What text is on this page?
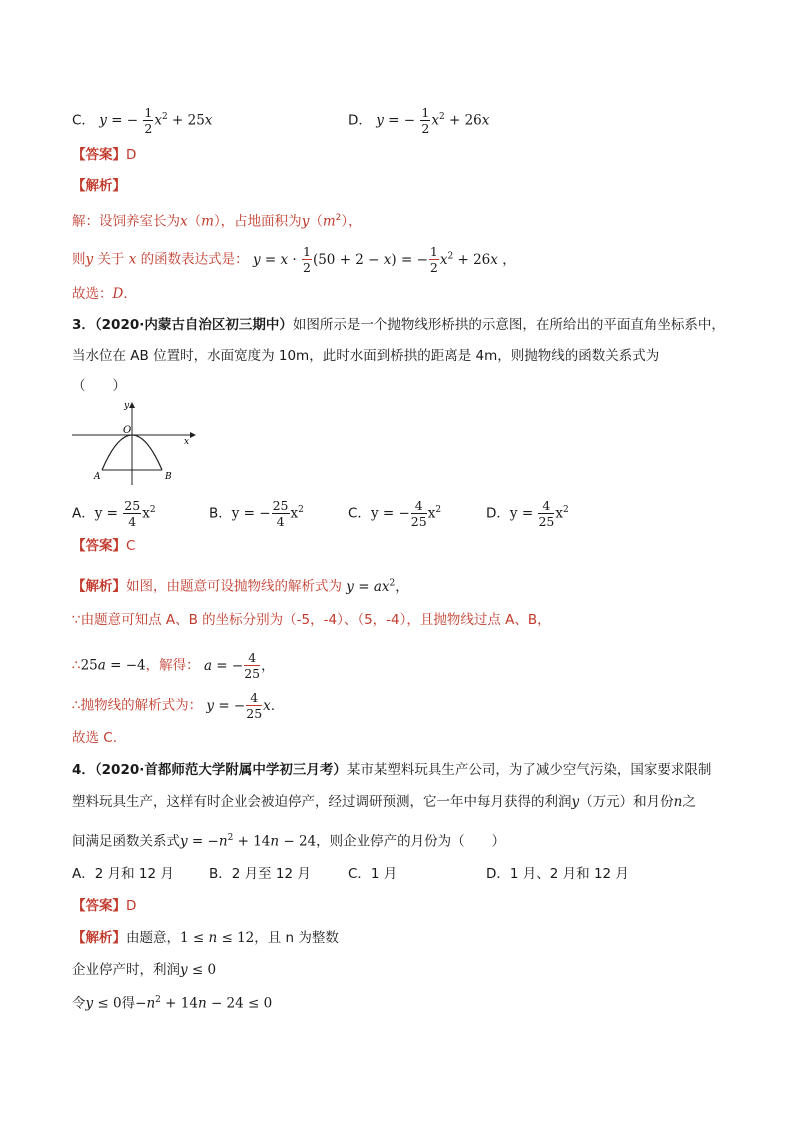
C． y = − $\frac{1}{2} x^2 + 25x$	D． y = − $\frac{1}{2} x^2 + 26x$
【答案】D
【解析】
解：设饲养室长为x（m），占地面积为$y(m^2)$，
则y 关于 x 的函数表达式是： $y = x \cdot \frac{1}{2} (50 + 2 - x)$ = − $\frac{1}{2} x^2 + 26x$ ，
故选：D．
3．（2020·内蒙古自治区初三期中）如图所示是一个抛物线形桥拱的示意图，在所给出的平面直角坐标系中，
当水位在 AB 位置时，水面宽度为 10m，此时水面到桥拱的距离是 4m，则抛物线的函数关系式为
（　　）
y
x
O
A	B
A．$y = \frac{25}{4} x^2$	B．y = − $\frac{25}{4} x^2$	C．y = − $\frac{4}{25} x^2$	D．$y = \frac{4}{25} x^2$
【答案】C
【解析】如图，由题意可设抛物线的解析式为 $y = ax^2$，
∵由题意可知点 A、B 的坐标分别为（-5，-4）、（5，-4），且抛物线过点 A、B，
∴25a = −4，解得： a = − $\frac{4}{25}$ ，
∴抛物线的解析式为： y = − $\frac{4}{25} x$.
故选 C.
4．（2020·首都师范大学附属中学初三月考）某市某塑料玩具生产公司，为了减少空气污染，国家要求限制
塑料玩具生产，这样有时企业会被迫停产，经过调研预测，它一年中每月获得的利润y（万元）和月份n之
间满足函数关系式$y = -n^2 + 14n - 24$，则企业停产的月份为（　　）
A．2 月和 12 月	B．2 月至 12 月	C．1 月	D．1 月、2 月和 12 月
【答案】D
【解析】由题意，1 ≤ n ≤ 12，且 n 为整数
企业停产时，利润y ≤ 0
令y ≤ 0得$-n^2 + 14n - 24 \le 0$
